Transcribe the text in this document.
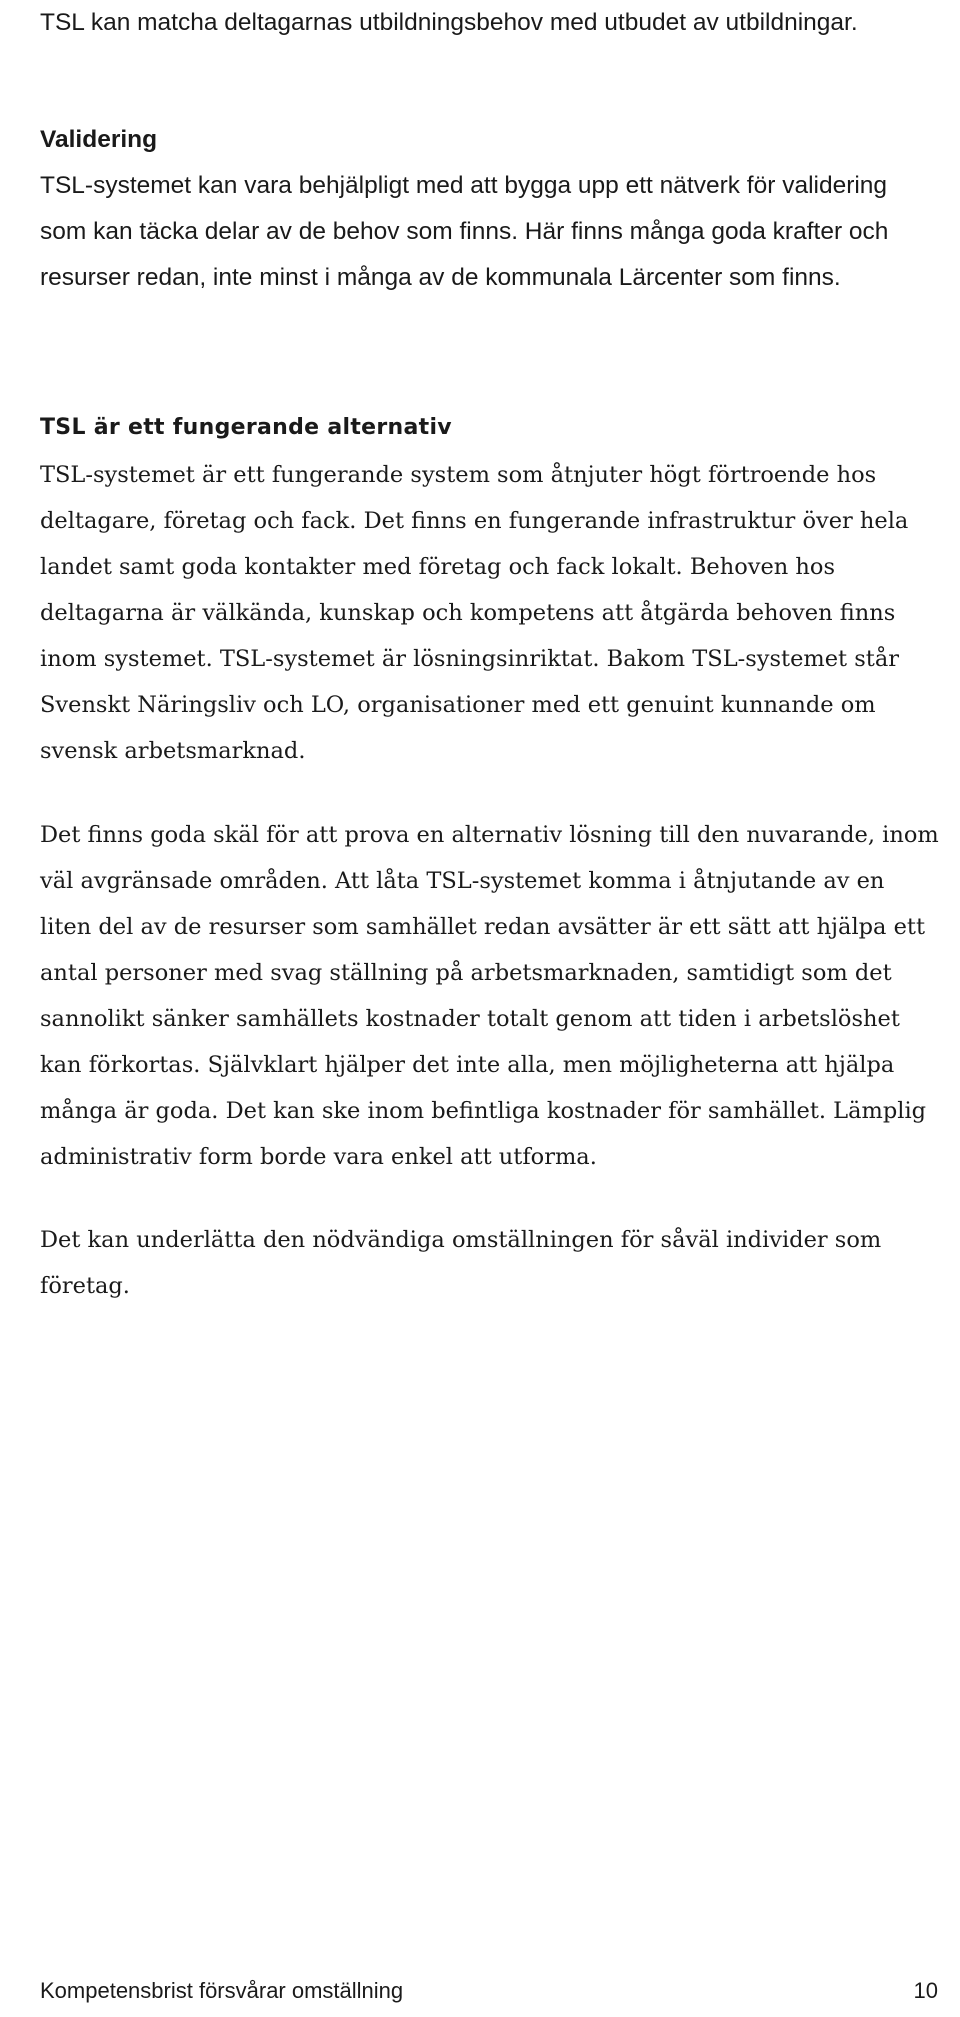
TSL kan matcha deltagarnas utbildningsbehov med utbudet av utbildningar.

Validering

TSL-systemet kan vara behjälpligt med att bygga upp ett nätverk för validering som kan täcka delar av de behov som finns. Här finns många goda krafter och resurser redan, inte minst i många av de kommunala Lärcenter som finns.

TSL är ett fungerande alternativ

TSL-systemet är ett fungerande system som åtnjuter högt förtroende hos deltagare, företag och fack. Det finns en fungerande infrastruktur över hela landet samt goda kontakter med företag och fack lokalt. Behoven hos deltagarna är välkända, kunskap och kompetens att åtgärda behoven finns inom systemet. TSL-systemet är lösningsinriktat. Bakom TSL-systemet står Svenskt Näringsliv och LO, organisationer med ett genuint kunnande om svensk arbetsmarknad.

Det finns goda skäl för att prova en alternativ lösning till den nuvarande, inom väl avgränsade områden. Att låta TSL-systemet komma i åtnjutande av en liten del av de resurser som samhället redan avsätter är ett sätt att hjälpa ett antal personer med svag ställning på arbetsmarknaden, samtidigt som det sannolikt sänker samhällets kostnader totalt genom att tiden i arbetslöshet kan förkortas. Självklart hjälper det inte alla, men möjligheterna att hjälpa många är goda. Det kan ske inom befintliga kostnader för samhället. Lämplig administrativ form borde vara enkel att utforma.

Det kan underlätta den nödvändiga omställningen för såväl individer som företag.

Kompetensbrist försvårar omställning	10
